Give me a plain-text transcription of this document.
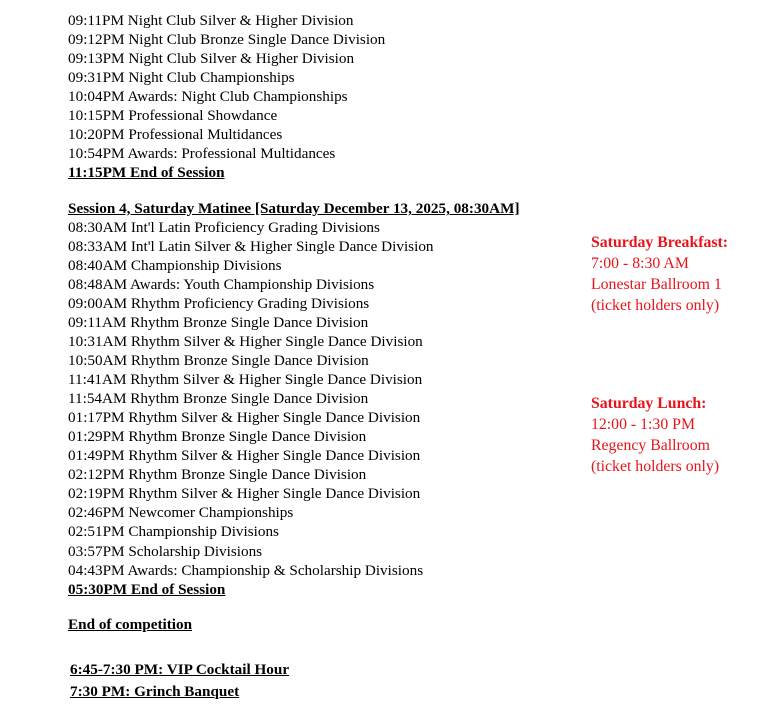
09:11PM Night Club Silver & Higher Division
09:12PM Night Club Bronze Single Dance Division
09:13PM Night Club Silver & Higher Division
09:31PM Night Club Championships
10:04PM Awards: Night Club Championships
10:15PM Professional Showdance
10:20PM Professional Multidances
10:54PM Awards: Professional Multidances
11:15PM End of Session
Session 4, Saturday Matinee [Saturday December 13, 2025, 08:30AM]
08:30AM Int'l Latin Proficiency Grading Divisions
08:33AM Int'l Latin Silver & Higher Single Dance Division
08:40AM Championship Divisions
08:48AM Awards: Youth Championship Divisions
09:00AM Rhythm Proficiency Grading Divisions
09:11AM Rhythm Bronze Single Dance Division
10:31AM Rhythm Silver & Higher Single Dance Division
10:50AM Rhythm Bronze Single Dance Division
11:41AM Rhythm Silver & Higher Single Dance Division
11:54AM Rhythm Bronze Single Dance Division
01:17PM Rhythm Silver & Higher Single Dance Division
01:29PM Rhythm Bronze Single Dance Division
01:49PM Rhythm Silver & Higher Single Dance Division
02:12PM Rhythm Bronze Single Dance Division
02:19PM Rhythm Silver & Higher Single Dance Division
02:46PM Newcomer Championships
02:51PM Championship Divisions
03:57PM Scholarship Divisions
04:43PM Awards: Championship & Scholarship Divisions
05:30PM End of Session
End of competition
6:45-7:30 PM: VIP Cocktail Hour
7:30 PM: Grinch Banquet
Saturday Breakfast:
7:00 - 8:30 AM
Lonestar Ballroom 1
(ticket holders only)
Saturday Lunch:
12:00 - 1:30 PM
Regency Ballroom
(ticket holders only)
